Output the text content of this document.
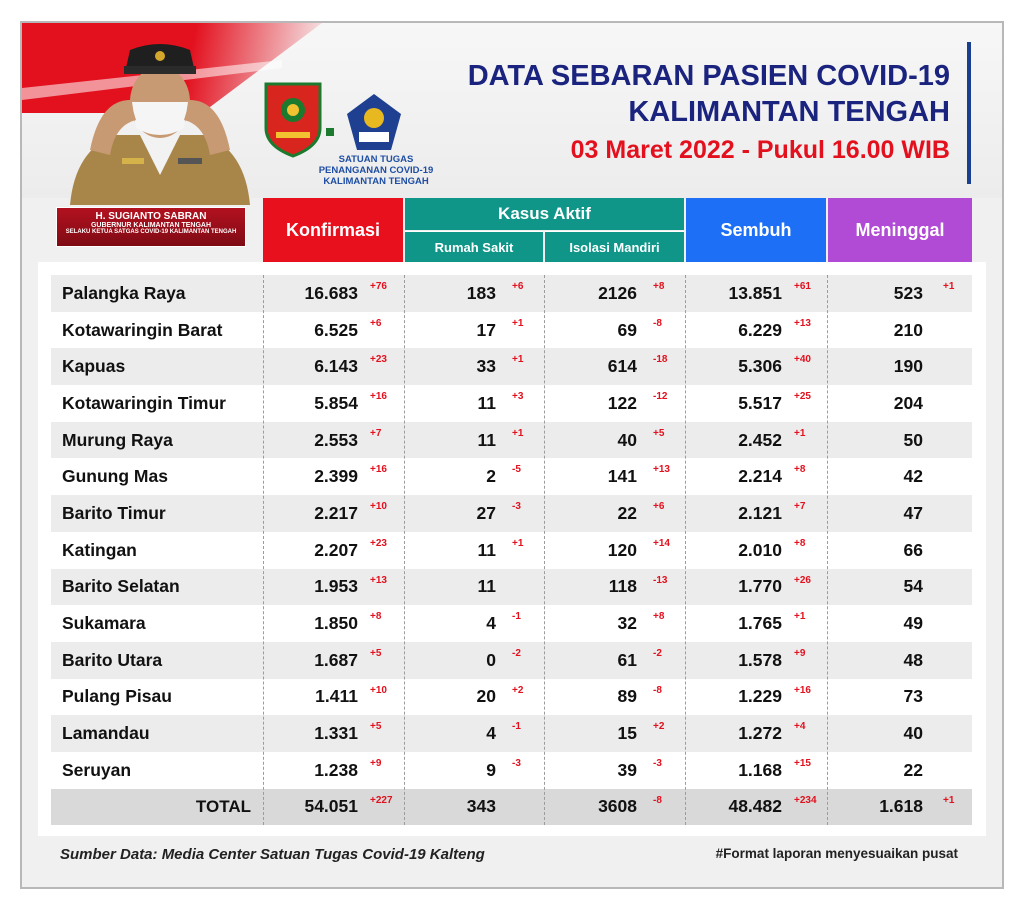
H. SUGIANTO SABRAN
GUBERNUR KALIMANTAN TENGAH
SELAKU KETUA SATGAS COVID-19 KALIMANTAN TENGAH
SATUAN TUGAS
PENANGANAN COVID-19
KALIMANTAN TENGAH
DATA SEBARAN PASIEN COVID-19
KALIMANTAN TENGAH
03 Maret 2022 - Pukul 16.00 WIB
Konfirmasi
Kasus Aktif
Rumah Sakit	Isolasi Mandiri
Sembuh	Meninggal
Palangka Raya	16.683 +76	183 +6	2126 +8	13.851 +61	523 +1
Kotawaringin Barat	6.525 +6	17 +1	69 -8	6.229 +13	210
Kapuas	6.143 +23	33 +1	614 -18	5.306 +40	190
Kotawaringin Timur	5.854 +16	11 +3	122 -12	5.517 +25	204
Murung Raya	2.553 +7	11 +1	40 +5	2.452 +1	50
Gunung Mas	2.399 +16	2 -5	141 +13	2.214 +8	42
Barito Timur	2.217 +10	27 -3	22 +6	2.121 +7	47
Katingan	2.207 +23	11 +1	120 +14	2.010 +8	66
Barito Selatan	1.953 +13	11	118 -13	1.770 +26	54
Sukamara	1.850 +8	4 -1	32 +8	1.765 +1	49
Barito Utara	1.687 +5	0 -2	61 -2	1.578 +9	48
Pulang Pisau	1.411 +10	20 +2	89 -8	1.229 +16	73
Lamandau	1.331 +5	4 -1	15 +2	1.272 +4	40
Seruyan	1.238 +9	9 -3	39 -3	1.168 +15	22
TOTAL	54.051 +227	343	3608 -8	48.482 +234	1.618 +1
Sumber Data: Media Center Satuan Tugas Covid-19 Kalteng	#Format laporan menyesuaikan pusat
